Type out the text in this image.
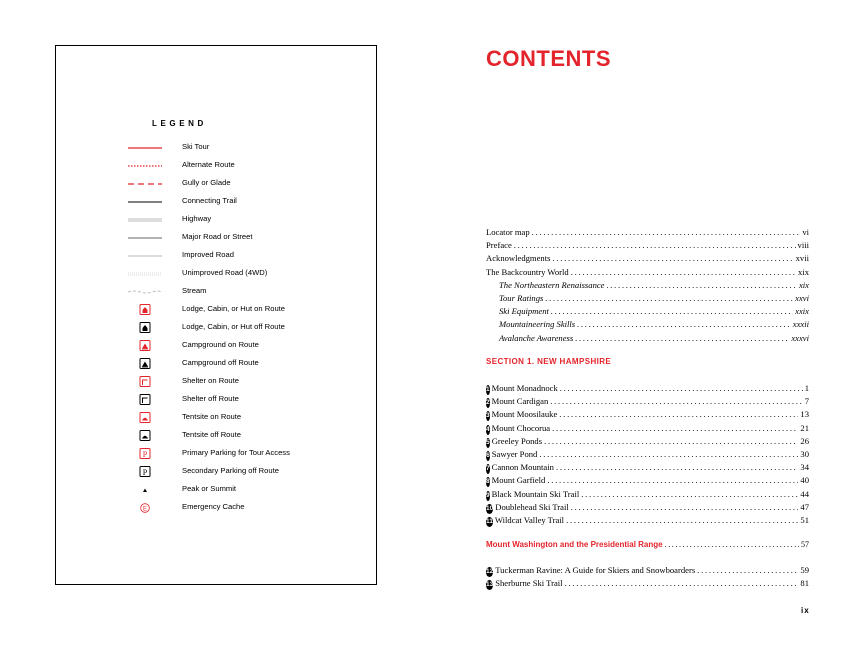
LEGEND
Ski Tour
Alternate Route
Gully or Glade
Connecting Trail
Highway
Major Road or Street
Improved Road
Unimproved Road (4WD)
Stream
Lodge, Cabin, or Hut on Route
Lodge, Cabin, or Hut off Route
Campground on Route
Campground off Route
Shelter on Route
Shelter off Route
Tentsite on Route
Tentsite off Route
P	Primary Parking for Tour Access
P	Secondary Parking off Route
Peak or Summit
E	Emergency Cache
CONTENTS
Locator map . . .	vi
Preface . . .	viii
Acknowledgments . . .	xvii
The Backcountry World . . .	xix
The Northeastern Renaissance . . .	xix
Tour Ratings . . .	xxvi
Ski Equipment . . .	xxix
Mountaineering Skills . . .	xxxii
Avalanche Awareness . . .	xxxvi
SECTION 1. NEW HAMPSHIRE
1 Mount Monadnock . . .	1
2 Mount Cardigan . . .	7
3 Mount Moosilauke . . .	13
4 Mount Chocorua . . .	21
5 Greeley Ponds . . .	26
6 Sawyer Pond . . .	30
7 Cannon Mountain . . .	34
8 Mount Garfield . . .	40
9 Black Mountain Ski Trail . . .	44
10 Doublehead Ski Trail . . .	47
11 Wildcat Valley Trail . . .	51
Mount Washington and the Presidential Range . . .	57
12 Tuckerman Ravine: A Guide for Skiers and Snowboarders . . .	59
13 Sherburne Ski Trail . . .	81
ix
